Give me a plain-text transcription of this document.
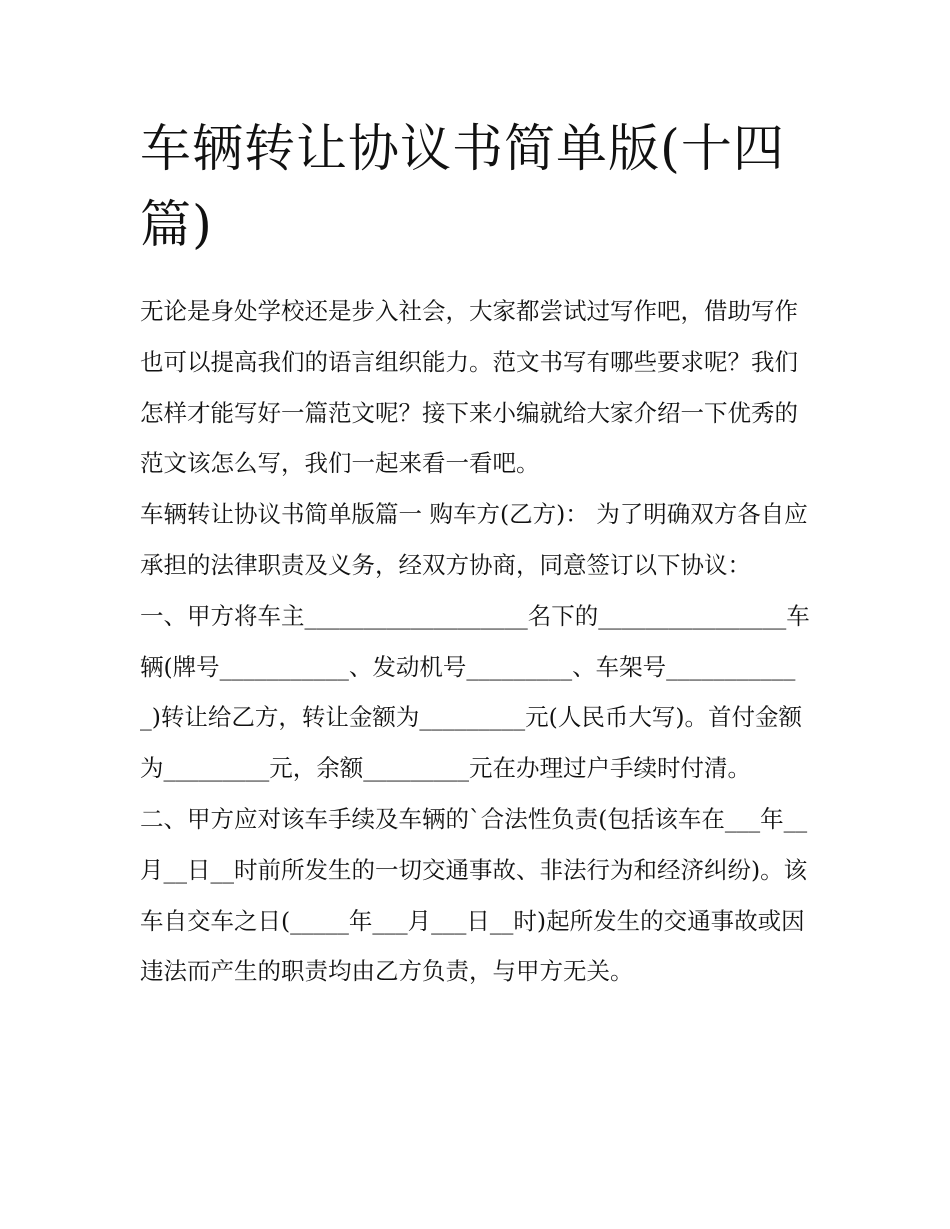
车辆转让协议书简单版(十四篇)

无论是身处学校还是步入社会，大家都尝试过写作吧，借助写作也可以提高我们的语言组织能力。范文书写有哪些要求呢？我们怎样才能写好一篇范文呢？接下来小编就给大家介绍一下优秀的范文该怎么写，我们一起来看一看吧。

车辆转让协议书简单版篇一 购车方(乙方)： 为了明确双方各自应承担的法律职责及义务，经双方协商，同意签订以下协议：

一、甲方将车主___________________名下的________________车辆(牌号___________、发动机号_________、车架号____________)转让给乙方，转让金额为_________元(人民币大写)。首付金额为_________元，余额_________元在办理过户手续时付清。

二、甲方应对该车手续及车辆的`合法性负责(包括该车在___年__月__日__时前所发生的一切交通事故、非法行为和经济纠纷)。该车自交车之日(_____年___月___日__时)起所发生的交通事故或因违法而产生的职责均由乙方负责，与甲方无关。
